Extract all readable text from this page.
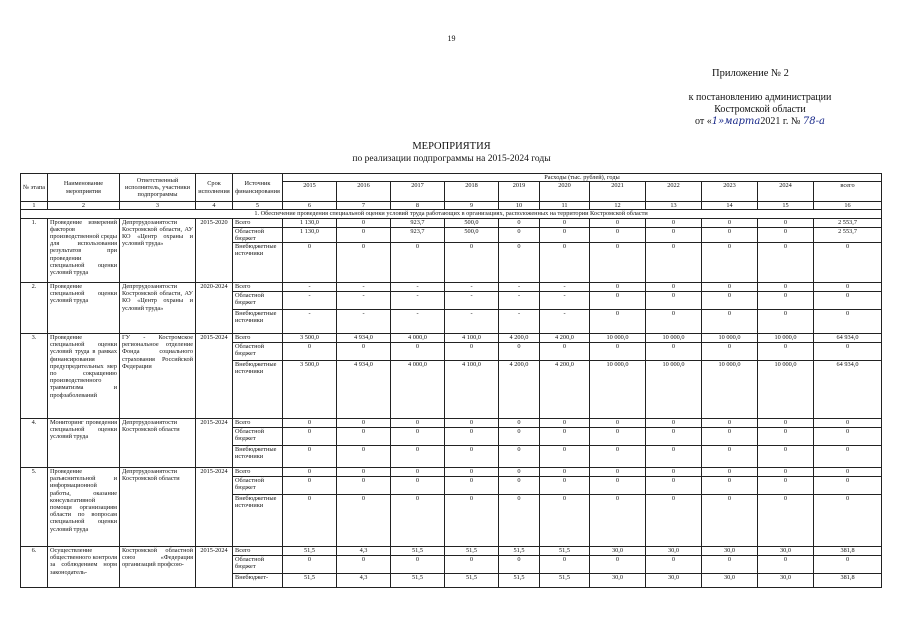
19
Приложение № 2
к постановлению администрации
Костромской области
от «1»марта2021 г. № 78-а
МЕРОПРИЯТИЯ
по реализации подпрограммы на 2015-2024 годы
№ этапа	Наименование мероприятия	Ответственный исполнитель, участники подпрограммы	Срок исполнения	Источник финансирования	Расходы (тыс. рублей), годы										
					2015	2016	2017	2018	2019	2020	2021	2022	2023	2024	всего
1	2	3	4	5	6	7	8	9	10	11	12	13	14	15	16
1. Обеспечение проведения специальной оценки условий труда работающих в организациях, расположенных на территории Костромской области															
1.	Проведение измерений факторов производственной среды для использования результатов при проведении специальной оценки условий труда	Депртрудозанятости Костромской области, АУ КО «Центр охраны и условий труда»	2015-2020	Всего	1 130,0	0	923,7	500,0	0	0	0	0	0	0	2 553,7
				Областной бюджет	1 130,0	0	923,7	500,0	0	0	0	0	0	0	2 553,7
				Внебюджетные источники	0	0	0	0	0	0	0	0	0	0	0
2.	Проведение специальной оценки условий труда	Депртрудозанятости Костромской области, АУ КО «Центр охраны и условий труда»	2020-2024	Всего	-	-	-	-	-	-	0	0	0	0	0
				Областной бюджет	-	-	-	-	-	-	0	0	0	0	0
				Внебюджетные источники	-	-	-	-	-	-	0	0	0	0	0
3.	Проведение специальной оценки условий труда в рамках финансирования предупредительных мер по сокращению производственного травматизма и профзаболеваний	ГУ - Костромское региональное отделение Фонда социального страхования Российской Федерации	2015-2024	Всего	3 500,0	4 934,0	4 000,0	4 100,0	4 200,0	4 200,0	10 000,0	10 000,0	10 000,0	10 000,0	64 934,0
				Областной бюджет	0	0	0	0	0	0	0	0	0	0	0
				Внебюджетные источники	3 500,0	4 934,0	4 000,0	4 100,0	4 200,0	4 200,0	10 000,0	10 000,0	10 000,0	10 000,0	64 934,0
4.	Мониторинг проведения специальной оценки условий труда	Депртрудозанятости Костромской области	2015-2024	Всего	0	0	0	0	0	0	0	0	0	0	0
				Областной бюджет	0	0	0	0	0	0	0	0	0	0	0
				Внебюджетные источники	0	0	0	0	0	0	0	0	0	0	0
5.	Проведение разъяснительной и информационной работы, оказание консультативной помощи организациям области по вопросам специальной оценки условий труда	Депртрудозанятости Костромской области	2015-2024	Всего	0	0	0	0	0	0	0	0	0	0	0
				Областной бюджет	0	0	0	0	0	0	0	0	0	0	0
				Внебюджетные источники	0	0	0	0	0	0	0	0	0	0	0
6.	Осуществление общественного контроля за соблюдением норм законодатель-	Костромской областной союз «Федерация организаций профсою-	2015-2024	Всего	51,5	4,3	51,5	51,5	51,5	51,5	30,0	30,0	30,0	30,0	381,8
				Областной бюджет	0	0	0	0	0	0	0	0	0	0	0
				Внебюджет-	51,5	4,3	51,5	51,5	51,5	51,5	30,0	30,0	30,0	30,0	381,8
